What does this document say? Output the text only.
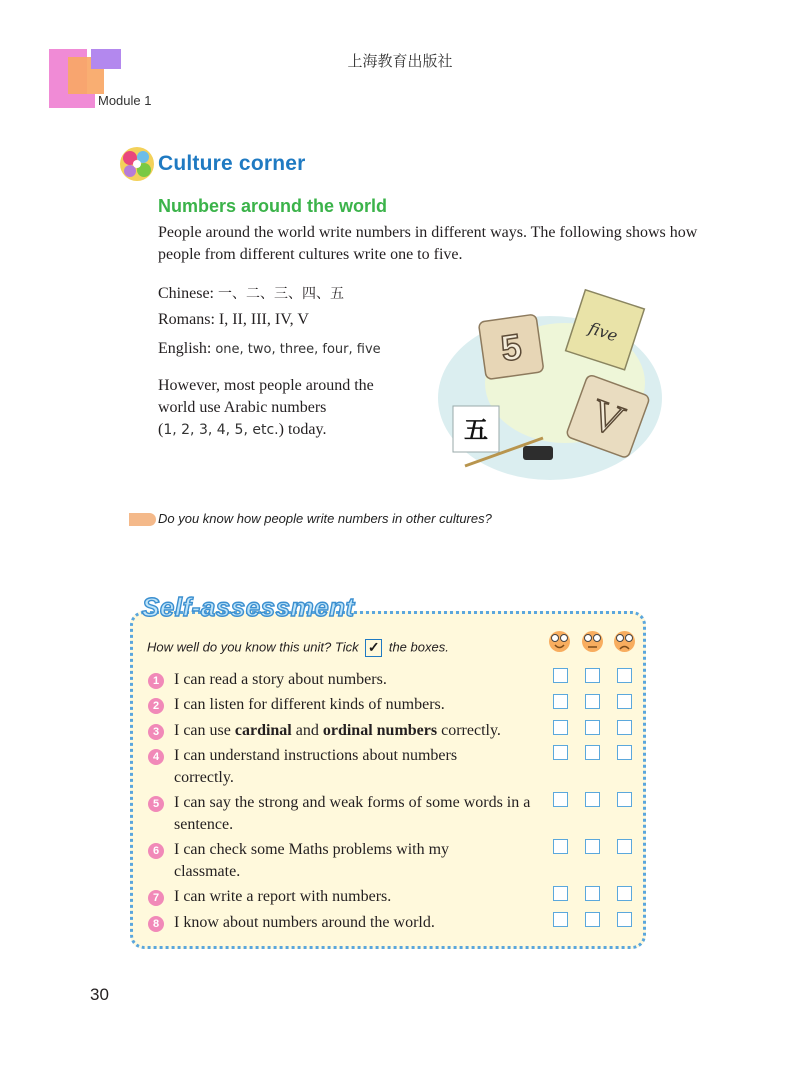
上海教育出版社
Module 1
Culture corner
Numbers around the world
People around the world write numbers in different ways. The following shows how people from different cultures write one to five.
Chinese: 一、二、三、四、五
Romans: I, II, III, IV, V
English: one, two, three, four, five
However, most people around the
world use Arabic numbers
(1, 2, 3, 4, 5, etc.) today.
five
5
V
五
Do you know how people write numbers in other cultures?
Self-assessment
How well do you know this unit? Tick ✓ the boxes.
1 I can read a story about numbers.
2 I can listen for different kinds of numbers.
3 I can use cardinal and ordinal numbers correctly.
4 I can understand instructions about numbers correctly.
5 I can say the strong and weak forms of some words in a sentence.
6 I can check some Maths problems with my classmate.
7 I can write a report with numbers.
8 I know about numbers around the world.
30
